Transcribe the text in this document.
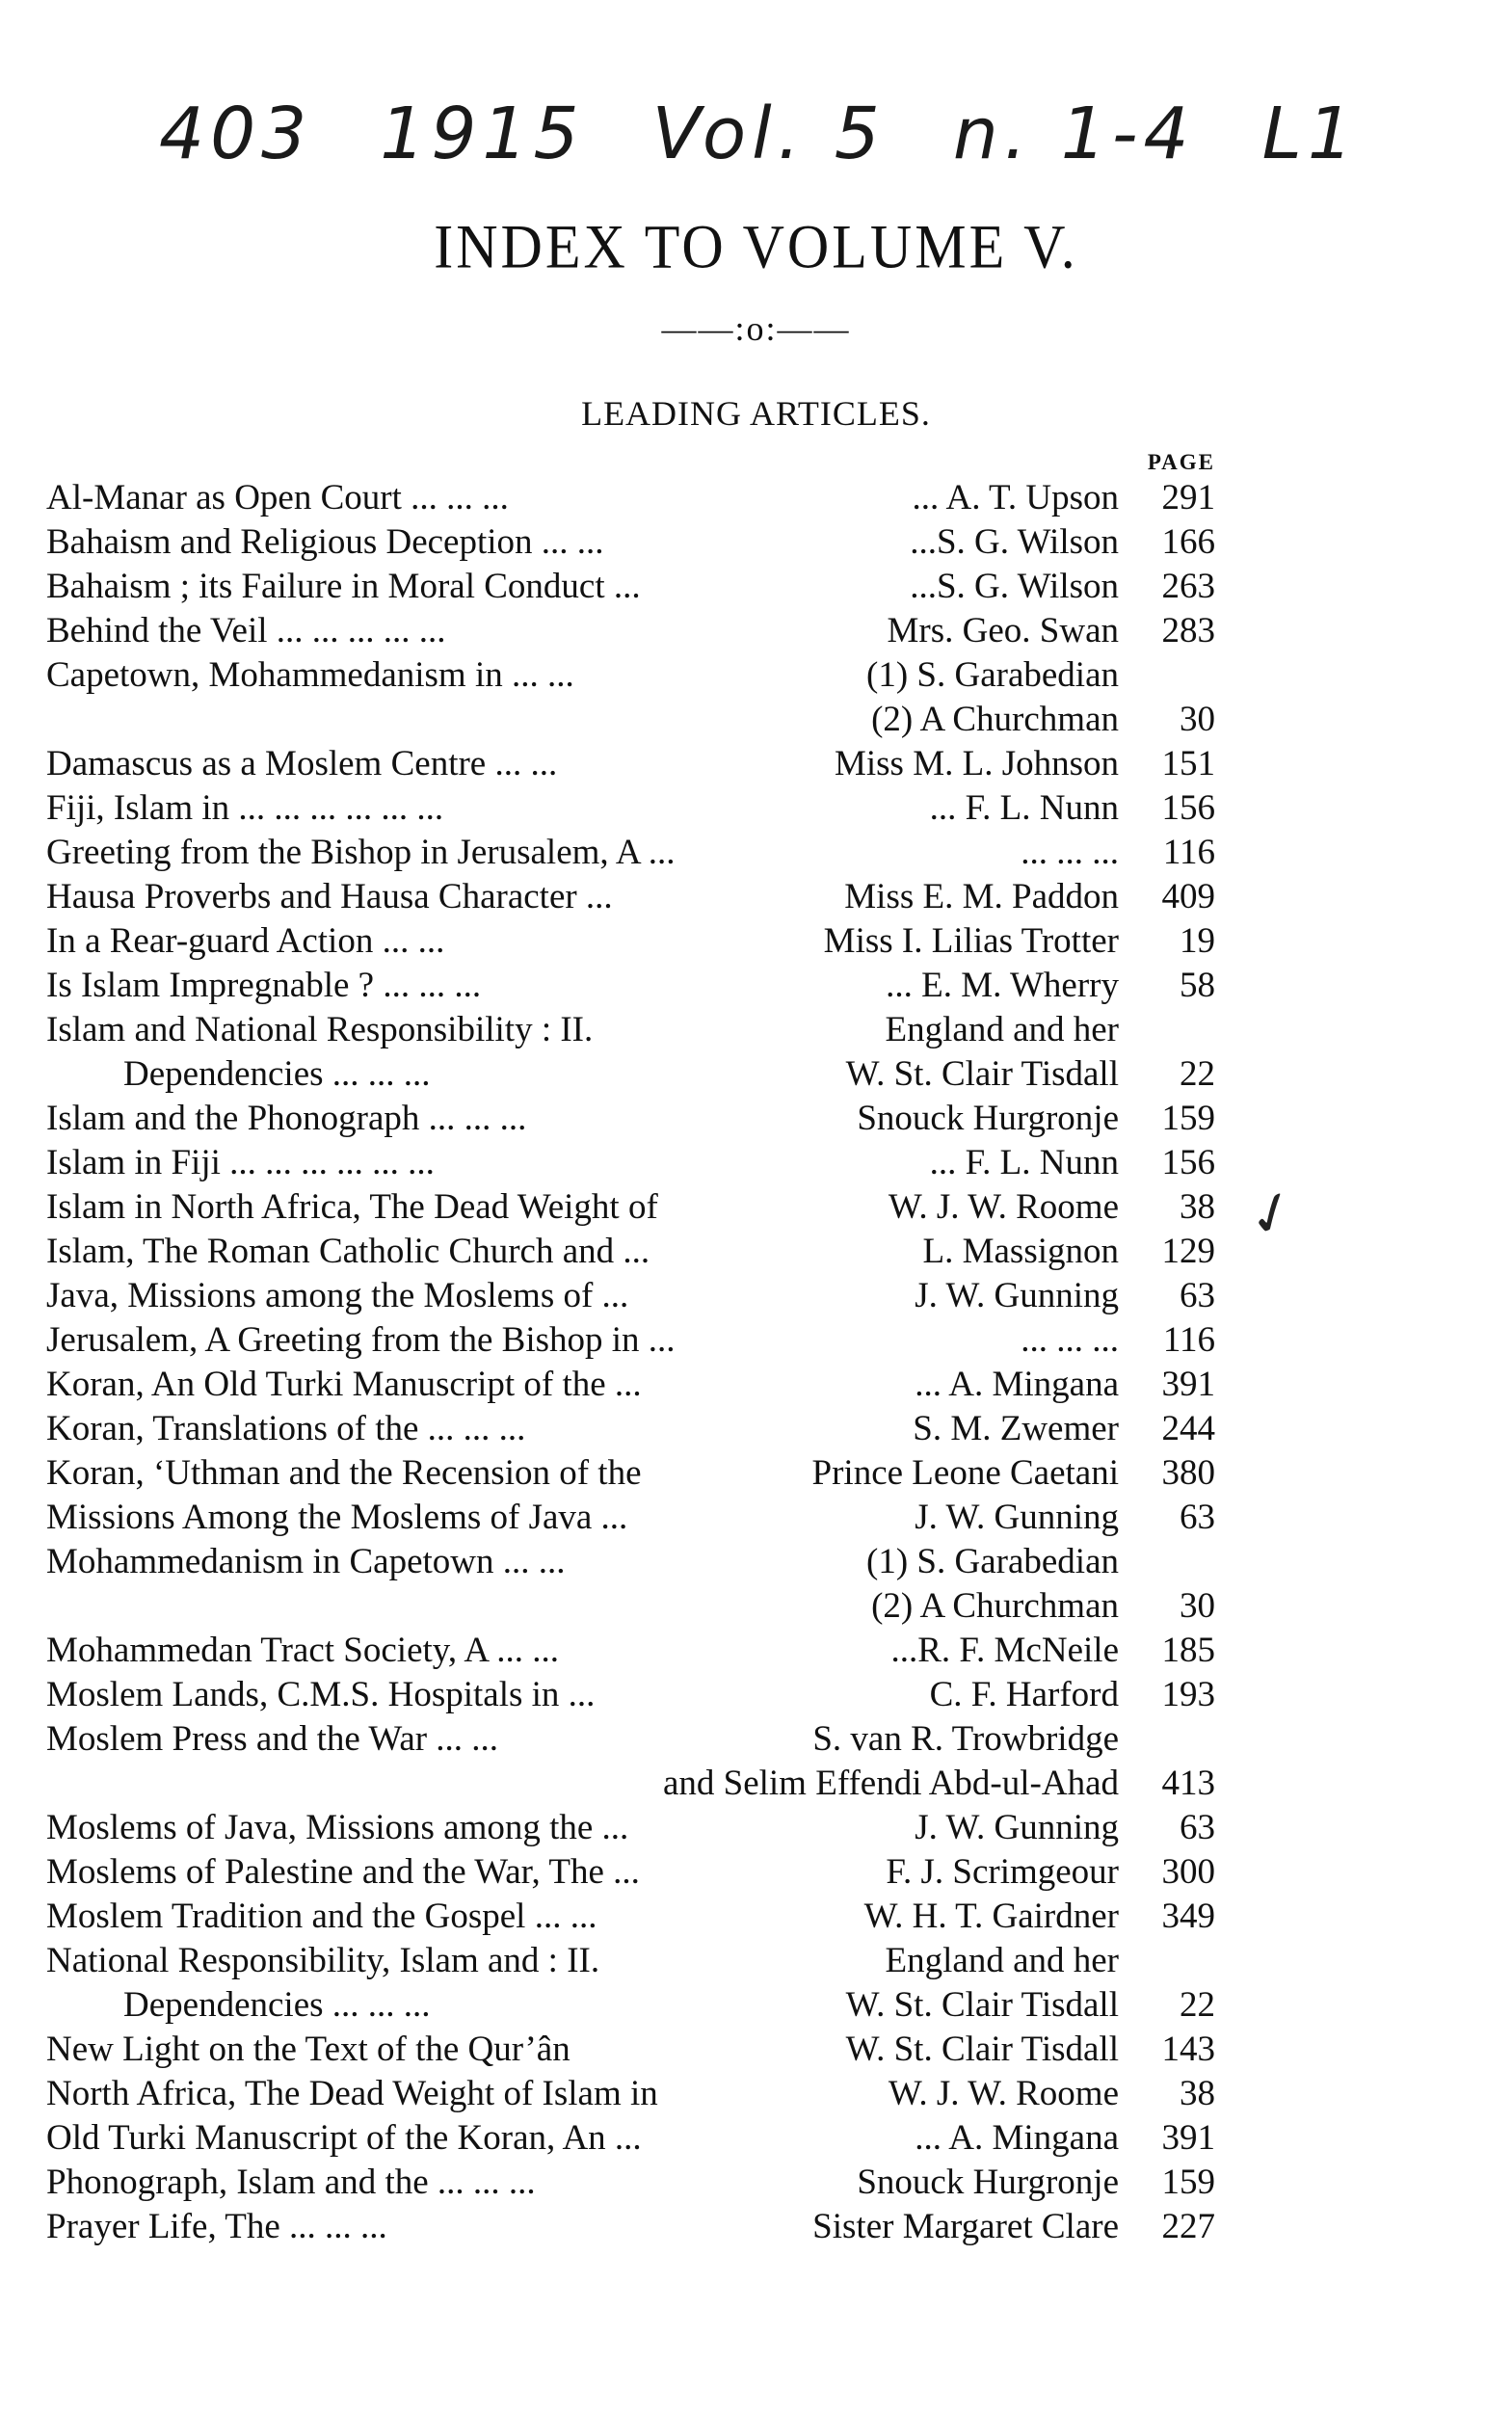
403 1915 Vol. 5 n. 1-4 L1
INDEX TO VOLUME V.
——:o:——
LEADING ARTICLES.
PAGE
Al-Manar as Open Court ... ... ...	... A. T. Upson	291
Bahaism and Religious Deception ... ...	...S. G. Wilson	166
Bahaism ; its Failure in Moral Conduct ...	...S. G. Wilson	263
Behind the Veil ... ... ... ... ...	Mrs. Geo. Swan	283
Capetown, Mohammedanism in ... ...	(1) S. Garabedian
(2) A Churchman	30
Damascus as a Moslem Centre ... ...	Miss M. L. Johnson	151
Fiji, Islam in ... ... ... ... ... ...	... F. L. Nunn	156
Greeting from the Bishop in Jerusalem, A ...	... ... ...	116
Hausa Proverbs and Hausa Character ...	Miss E. M. Paddon	409
In a Rear-guard Action ... ...	Miss I. Lilias Trotter	19
Is Islam Impregnable ? ... ... ...	... E. M. Wherry	58
Islam and National Responsibility : II.	England and her
Dependencies ... ... ...	W. St. Clair Tisdall	22
Islam and the Phonograph ... ... ...	Snouck Hurgronje	159
Islam in Fiji ... ... ... ... ... ...	... F. L. Nunn	156
Islam in North Africa, The Dead Weight of	W. J. W. Roome	38
Islam, The Roman Catholic Church and ...	L. Massignon	129
Java, Missions among the Moslems of ...	J. W. Gunning	63
Jerusalem, A Greeting from the Bishop in ...	... ... ...	116
Koran, An Old Turki Manuscript of the ...	... A. Mingana	391
Koran, Translations of the ... ... ...	S. M. Zwemer	244
Koran, ‘Uthman and the Recension of the	Prince Leone Caetani	380
Missions Among the Moslems of Java ...	J. W. Gunning	63
Mohammedanism in Capetown ... ...	(1) S. Garabedian
(2) A Churchman	30
Mohammedan Tract Society, A ... ...	...R. F. McNeile	185
Moslem Lands, C.M.S. Hospitals in ...	C. F. Harford	193
Moslem Press and the War ... ...	S. van R. Trowbridge
and Selim Effendi Abd-ul-Ahad	413
Moslems of Java, Missions among the ...	J. W. Gunning	63
Moslems of Palestine and the War, The ...	F. J. Scrimgeour	300
Moslem Tradition and the Gospel ... ...	W. H. T. Gairdner	349
National Responsibility, Islam and : II.	England and her
Dependencies ... ... ...	W. St. Clair Tisdall	22
New Light on the Text of the Qur’ân	W. St. Clair Tisdall	143
North Africa, The Dead Weight of Islam in	W. J. W. Roome	38
Old Turki Manuscript of the Koran, An ...	... A. Mingana	391
Phonograph, Islam and the ... ... ...	Snouck Hurgronje	159
Prayer Life, The ... ... ...	Sister Margaret Clare	227
✓
